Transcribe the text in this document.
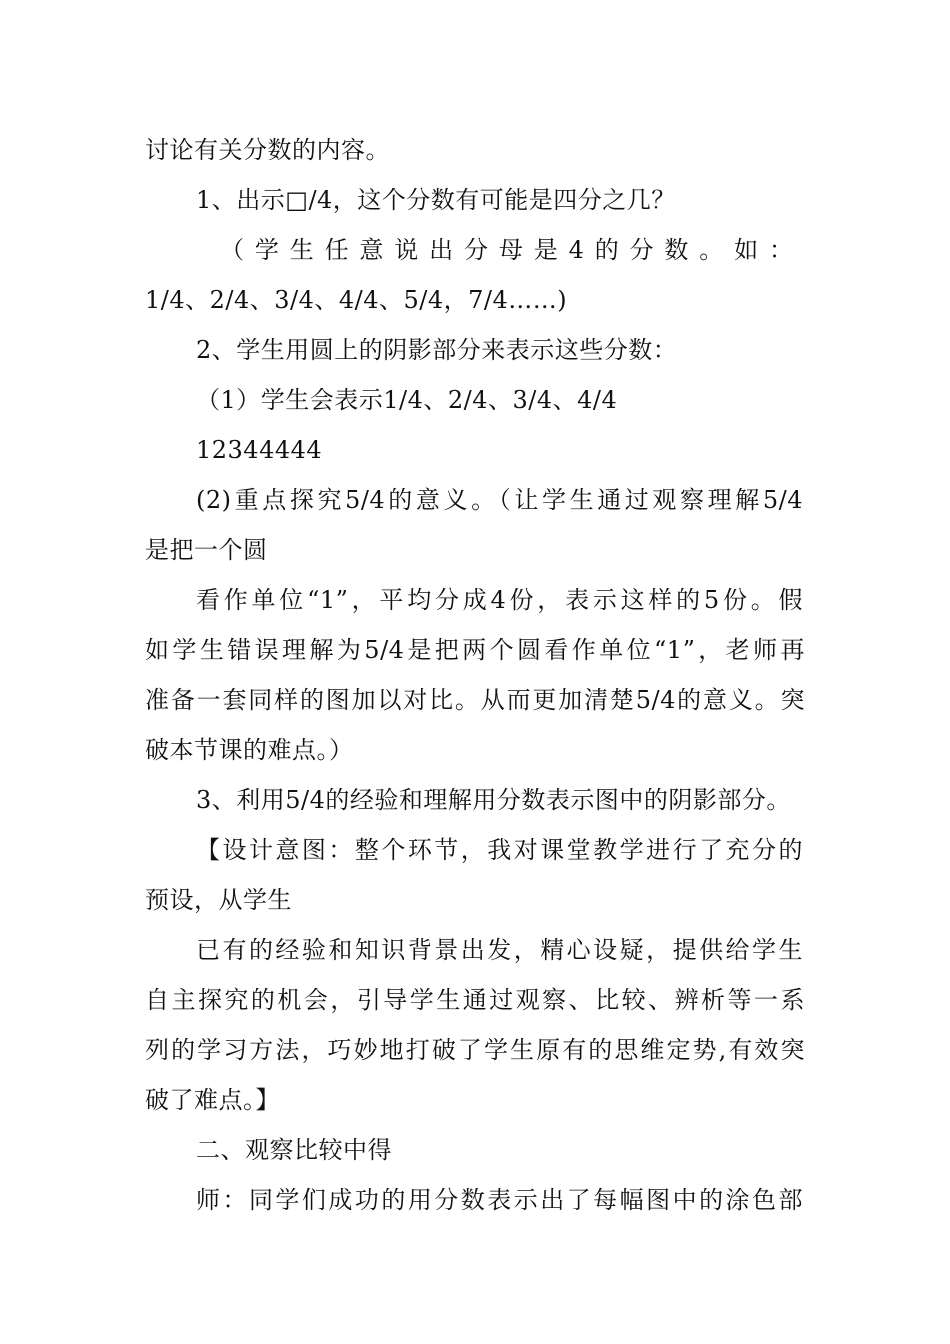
讨论有关分数的内容。
1、出示□/4，这个分数有可能是四分之几？
（学生任意说出分母是4的分数。如：
1/4、2/4、3/4、4/4、5/4，7/4……)
2、学生用圆上的阴影部分来表示这些分数：
（1）学生会表示1/4、2/4、3/4、4/4
12344444
(2)重点探究5/4的意义。（让学生通过观察理解5/4
是把一个圆
看作单位“1”，平均分成4份，表示这样的5份。假
如学生错误理解为5/4是把两个圆看作单位“1”，老师再
准备一套同样的图加以对比。从而更加清楚5/4的意义。突
破本节课的难点。）
3、利用5/4的经验和理解用分数表示图中的阴影部分。
【设计意图：整个环节，我对课堂教学进行了充分的
预设，从学生
已有的经验和知识背景出发，精心设疑，提供给学生
自主探究的机会，引导学生通过观察、比较、辨析等一系
列的学习方法，巧妙地打破了学生原有的思维定势,有效突
破了难点。】
二、观察比较中得
师：同学们成功的用分数表示出了每幅图中的涂色部
